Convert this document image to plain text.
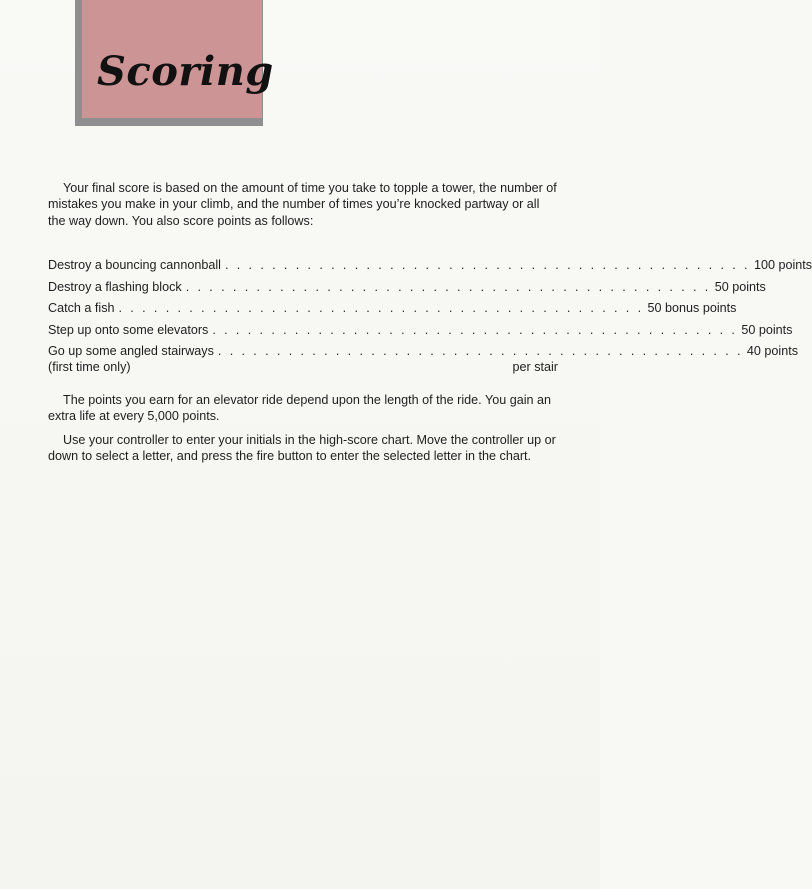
Scoring

Your final score is based on the amount of time you take to topple a tower, the number of mistakes you make in your climb, and the number of times you’re knocked partway or all the way down. You also score points as follows:

Destroy a bouncing cannonball . . . . . . . . . . . . . . . . . . . . . . . . . . . . . . . . . . . . . . . . . . . . . 100 points
Destroy a flashing block . . . . . . . . . . . . . . . . . . . . . . . . . . . . . . . . . . . . . . . . . . . . . 50 points
Catch a fish . . . . . . . . . . . . . . . . . . . . . . . . . . . . . . . . . . . . . . . . . . . . . 50 bonus points
Step up onto some elevators . . . . . . . . . . . . . . . . . . . . . . . . . . . . . . . . . . . . . . . . . . . . . 50 points
Go up some angled stairways . . . . . . . . . . . . . . . . . . . . . . . . . . . . . . . . . . . . . . . . . . . . . 40 points
(first time only)	per stair

The points you earn for an elevator ride depend upon the length of the ride. You gain an extra life at every 5,000 points.

Use your controller to enter your initials in the high-score chart. Move the controller up or down to select a letter, and press the fire button to enter the selected letter in the chart.
